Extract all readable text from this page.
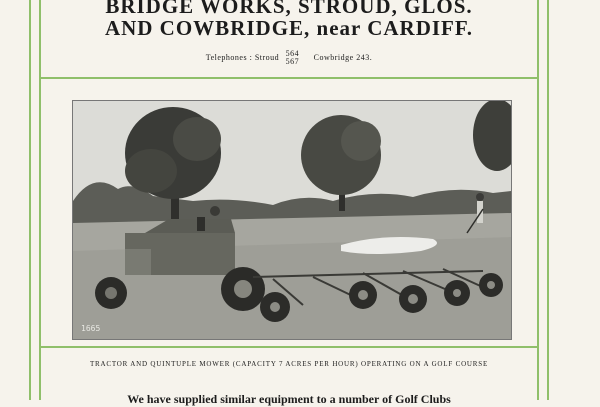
BRIDGE WORKS, STROUD, GLOS.
AND COWBRIDGE, near CARDIFF.
Telephones : Stroud 564
567 Cowbridge 243.
1665
TRACTOR AND QUINTUPLE MOWER (CAPACITY 7 ACRES PER HOUR) OPERATING ON A GOLF COURSE
We have supplied similar equipment to a number of Golf Clubs
